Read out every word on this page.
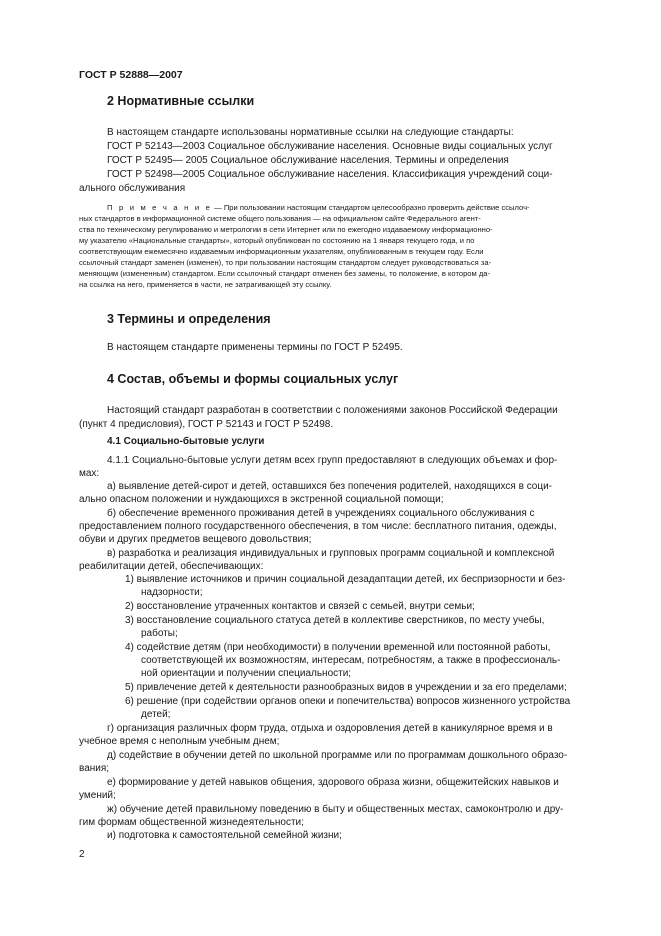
ГОСТ Р 52888—2007
2 Нормативные ссылки
В настоящем стандарте использованы нормативные ссылки на следующие стандарты:
ГОСТ Р 52143—2003 Социальное обслуживание населения. Основные виды социальных услуг
ГОСТ Р 52495— 2005 Социальное обслуживание населения. Термины и определения
ГОСТ Р 52498—2005 Социальное обслуживание населения. Классификация учреждений соци-
ального обслуживания
П р и м е ч а н и е — При пользовании настоящим стандартом целесообразно проверить действие ссылоч-
ных стандартов в информационной системе общего пользования — на официальном сайте Федерального агент-
ства по техническому регулированию и метрологии в сети Интернет или по ежегодно издаваемому информационно-
му указателю «Национальные стандарты», который опубликован по состоянию на 1 января текущего года, и по
соответствующим ежемесячно издаваемым информационным указателям, опубликованным в текущем году. Если
ссылочный стандарт заменен (изменен), то при пользовании настоящим стандартом следует руководствоваться за-
меняющим (измененным) стандартом. Если ссылочный стандарт отменен без замены, то положение, в котором да-
на ссылка на него, применяется в части, не затрагивающей эту ссылку.
3 Термины и определения
В настоящем стандарте применены термины по ГОСТ Р 52495.
4 Состав, объемы и формы социальных услуг
Настоящий стандарт разработан в соответствии с положениями законов Российской Федерации
(пункт 4 предисловия), ГОСТ Р 52143 и ГОСТ Р 52498.
4.1 Социально-бытовые услуги
4.1.1 Социально-бытовые услуги детям всех групп предоставляют в следующих объемах и фор-
мах:
а) выявление детей-сирот и детей, оставшихся без попечения родителей, находящихся в соци-
ально опасном положении и нуждающихся в экстренной социальной помощи;
б) обеспечение временного проживания детей в учреждениях социального обслуживания с
предоставлением полного государственного обеспечения, в том числе: бесплатного питания, одежды,
обуви и других предметов вещевого довольствия;
в) разработка и реализация индивидуальных и групповых программ социальной и комплексной
реабилитации детей, обеспечивающих:
1) выявление источников и причин социальной дезадаптации детей, их беспризорности и без-
надзорности;
2) восстановление утраченных контактов и связей с семьей, внутри семьи;
3) восстановление социального статуса детей в коллективе сверстников, по месту учебы,
работы;
4) содействие детям (при необходимости) в получении временной или постоянной работы,
соответствующей их возможностям, интересам, потребностям, а также в профессиональ-
ной ориентации и получении специальности;
5) привлечение детей к деятельности разнообразных видов в учреждении и за его пределами;
6) решение (при содействии органов опеки и попечительства) вопросов жизненного устройства
детей;
г) организация различных форм труда, отдыха и оздоровления детей в каникулярное время и в
учебное время с неполным учебным днем;
д) содействие в обучении детей по школьной программе или по программам дошкольного образо-
вания;
е) формирование у детей навыков общения, здорового образа жизни, общежитейских навыков и
умений;
ж) обучение детей правильному поведению в быту и общественных местах, самоконтролю и дру-
гим формам общественной жизнедеятельности;
и) подготовка к самостоятельной семейной жизни;
2
